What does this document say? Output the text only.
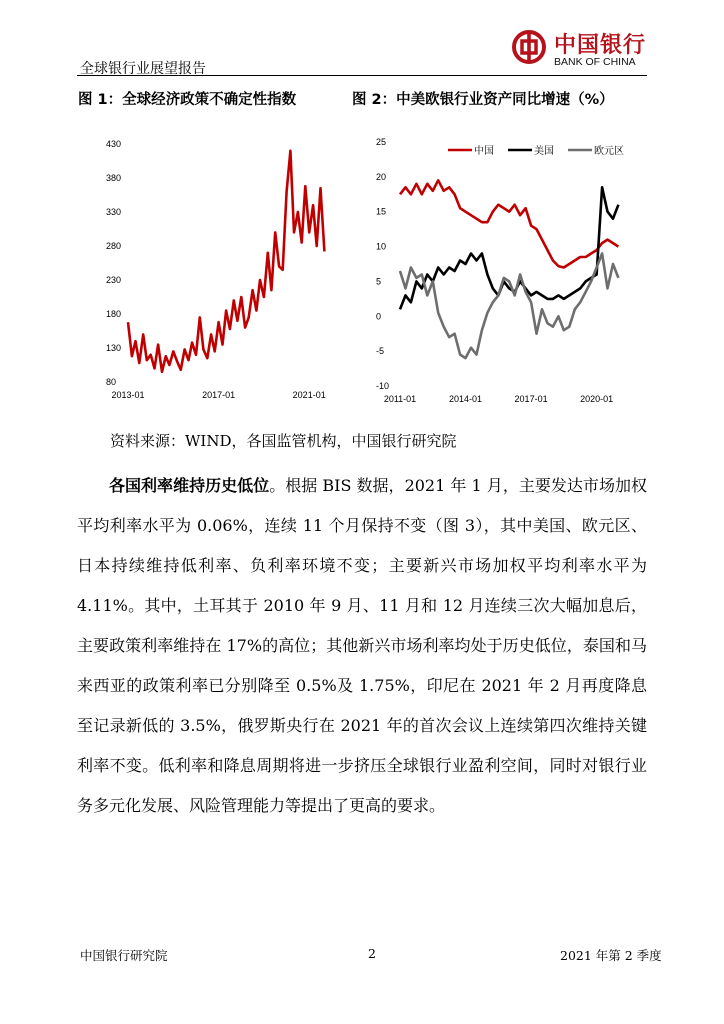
全球银行业展望报告
中国银行
BANK OF CHINA
图 1：全球经济政策不确定性指数	图 2：中美欧银行业资产同比增速（%）
430
380
330
280
230
180
130
80
2013-01	2017-01	2021-01
25
20
15
10
5
0
-5
-10
2011-01	2014-01	2017-01	2020-01
中国	美国	欧元区
资料来源：WIND，各国监管机构，中国银行研究院

各国利率维持历史低位。根据 BIS 数据，2021 年 1 月，主要发达市场加权平均利率水平为 0.06%，连续 11 个月保持不变（图 3），其中美国、欧元区、日本持续维持低利率、负利率环境不变；主要新兴市场加权平均利率水平为 4.11%。其中，土耳其于 2010 年 9 月、11 月和 12 月连续三次大幅加息后，主要政策利率维持在 17%的高位；其他新兴市场利率均处于历史低位，泰国和马来西亚的政策利率已分别降至 0.5%及 1.75%，印尼在 2021 年 2 月再度降息至记录新低的 3.5%，俄罗斯央行在 2021 年的首次会议上连续第四次维持关键利率不变。低利率和降息周期将进一步挤压全球银行业盈利空间，同时对银行业务多元化发展、风险管理能力等提出了更高的要求。

中国银行研究院	2	2021 年第 2 季度
